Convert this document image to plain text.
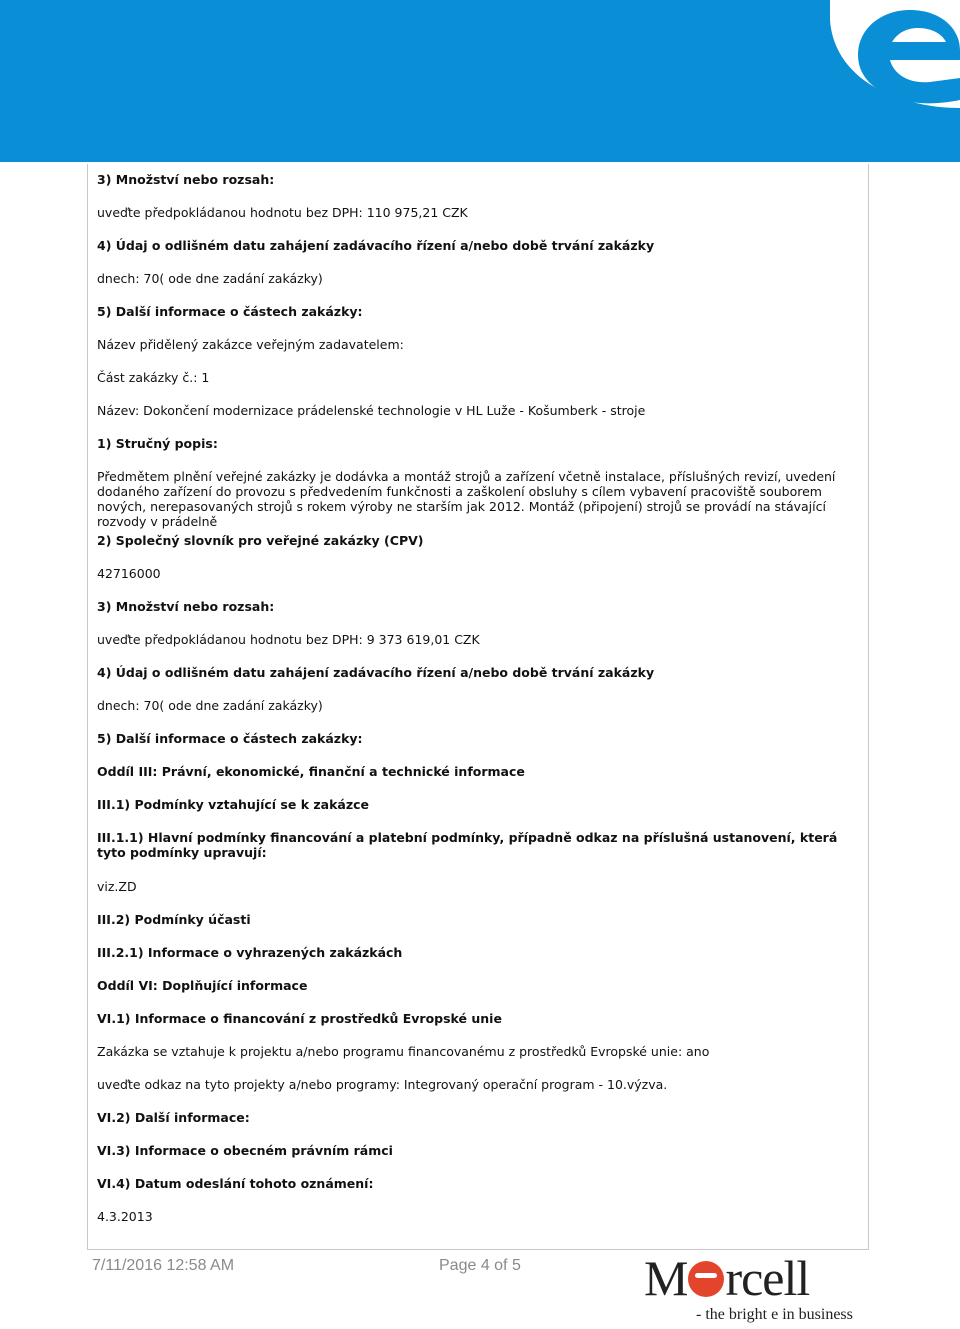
3) Množství nebo rozsah:

uveďte předpokládanou hodnotu bez DPH: 110 975,21 CZK

4) Údaj o odlišném datu zahájení zadávacího řízení a/nebo době trvání zakázky

dnech: 70( ode dne zadání zakázky)

5) Další informace o částech zakázky:

Název přidělený zakázce veřejným zadavatelem:

Část zakázky č.: 1

Název: Dokončení modernizace prádelenské technologie v HL Luže - Košumberk - stroje

1) Stručný popis:

Předmětem plnění veřejné zakázky je dodávka a montáž strojů a zařízení včetně instalace, příslušných revizí, uvedení dodaného zařízení do provozu s předvedením funkčnosti a zaškolení obsluhy s cílem vybavení pracoviště souborem nových, nerepasovaných strojů s rokem výroby ne starším jak 2012. Montáž (připojení) strojů se provádí na stávající rozvody v prádelně

2) Společný slovník pro veřejné zakázky (CPV)

42716000

3) Množství nebo rozsah:

uveďte předpokládanou hodnotu bez DPH: 9 373 619,01 CZK

4) Údaj o odlišném datu zahájení zadávacího řízení a/nebo době trvání zakázky

dnech: 70( ode dne zadání zakázky)

5) Další informace o částech zakázky:

Oddíl III: Právní, ekonomické, finanční a technické informace

III.1) Podmínky vztahující se k zakázce

III.1.1) Hlavní podmínky financování a platební podmínky, případně odkaz na příslušná ustanovení, která tyto podmínky upravují:

viz.ZD

III.2) Podmínky účasti

III.2.1) Informace o vyhrazených zakázkách

Oddíl VI: Doplňující informace

VI.1) Informace o financování z prostředků Evropské unie

Zakázka se vztahuje k projektu a/nebo programu financovanému z prostředků Evropské unie: ano

uveďte odkaz na tyto projekty a/nebo programy: Integrovaný operační program - 10.výzva.

VI.2) Další informace:

VI.3) Informace o obecném právním rámci

VI.4) Datum odeslání tohoto oznámení:

4.3.2013

7/11/2016 12:58 AM	Page 4 of 5 M rcell
- the bright e in business
